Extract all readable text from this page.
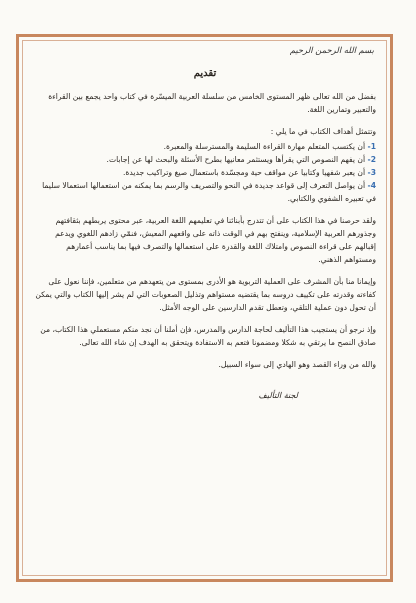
بسم الله الرحمن الرحيم
تقديم

بفضل من الله تعالى ظهر المستوى الخامس من سلسلة العربية الميسّرة في كتاب واحد يجمع بين القراءة والتعبير وتمارين اللغة.

وتتمثل أهداف الكتاب في ما يلي :

1- أن يكتسب المتعلم مهارة القراءة السليمة والمسترسلة والمعبرة.
2- أن يفهم النصوص التي يقرأها ويستثمر معانيها بطرح الأسئلة والبحث لها عن إجابات.
3- أن يعبر شفهيا وكتابيا عن مواقف حية ومجسّدة باستعمال صيغ وتراكيب جديدة.
4- أن يواصل التعرف إلى قواعد جديدة في النحو والتصريف والرسم بما يمكنه من استعمالها استعمالا سليما في تعبيره الشفوي والكتابي.

ولقد حرصنا في هذا الكتاب على أن تتدرج بأبنائنا في تعليمهم اللغة العربية، عبر محتوى يربطهم بثقافتهم وجذورهم العربية الإسلامية، وينفتح بهم في الوقت ذاته على واقعهم المعيش، فنمّي زادهم اللغوي ويدعم إقبالهم على قراءة النصوص وامتلاك اللغة والقدرة على استعمالها والتصرف فيها بما يناسب أعمارهم ومستواهم الذهني.

وإيمانا منا بأن المشرف على العملية التربوية هو الأدرى بمستوى من يتعهدهم من متعلمين، فإننا نعول على كفاءته وقدرته على تكييف دروسه بما يقتضيه مستواهم وتذليل الصعوبات التي لم يشر إليها الكتاب والتي يمكن أن تحول دون عملية التلقي، وتعطل تقدم الدارسين على الوجه الأمثل.

وإذ نرجو أن يستجيب هذا التأليف لحاجة الدارس والمدرس، فإن أملنا أن نجد منكم مستعملي هذا الكتاب، من صادق النصح ما يرتقي به شكلا ومضمونا فتعم به الاستفادة ويتحقق به الهدف إن شاء الله تعالى.

والله من وراء القصد وهو الهادي إلى سواء السبيل.

لجنة التأليف
